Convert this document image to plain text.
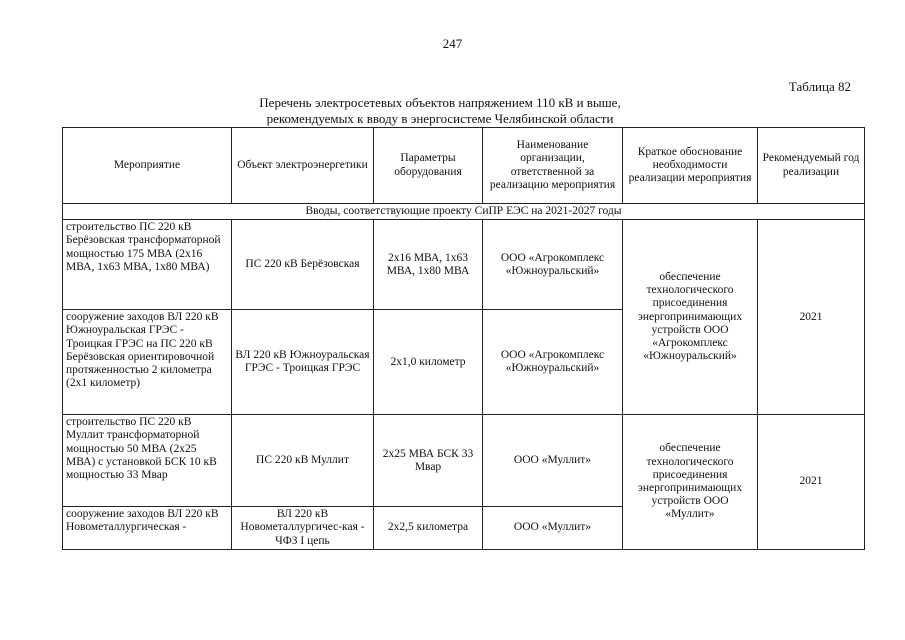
247
Таблица 82
Перечень электросетевых объектов напряжением 110 кВ и выше,
рекомендуемых к вводу в энергосистеме Челябинской области
Мероприятие	Объект электроэнергетики	Параметры оборудования	Наименование организации, ответственной за реализацию мероприятия	Краткое обоснование необходимости реализации мероприятия	Рекомендуемый год реализации
Вводы, соответствующие проекту СиПР ЕЭС на 2021-2027 годы					
строительство ПС 220 кВ Берёзовская трансформаторной мощностью 175 МВА (2х16 МВА, 1х63 МВА, 1х80 МВА)	ПС 220 кВ Берёзовская	2х16 МВА, 1х63 МВА, 1х80 МВА	ООО «Агрокомплекс «Южноуральский»	обеспечение технологического присоединения энергопринимающих устройств ООО «Агрокомплекс «Южноуральский»	2021
сооружение заходов ВЛ 220 кВ Южноуральская ГРЭС - Троицкая ГРЭС на ПС 220 кВ Берёзовская ориентировочной протяженностью 2 километра (2х1 километр)	ВЛ 220 кВ Южноуральская ГРЭС - Троицкая ГРЭС	2х1,0 километр	ООО «Агрокомплекс «Южноуральский»		
строительство ПС 220 кВ Муллит трансформаторной мощностью 50 МВА (2х25 МВА) с установкой БСК 10 кВ мощностью 33 Мвар	ПС 220 кВ Муллит	2х25 МВА БСК 33 Мвар	ООО «Муллит»	обеспечение технологического присоединения энергопринимающих устройств ООО «Муллит»	2021
сооружение заходов ВЛ 220 кВ Новометаллургическая -	ВЛ 220 кВ Новометаллургичес-кая - ЧФЗ I цепь	2х2,5 километра	ООО «Муллит»		
